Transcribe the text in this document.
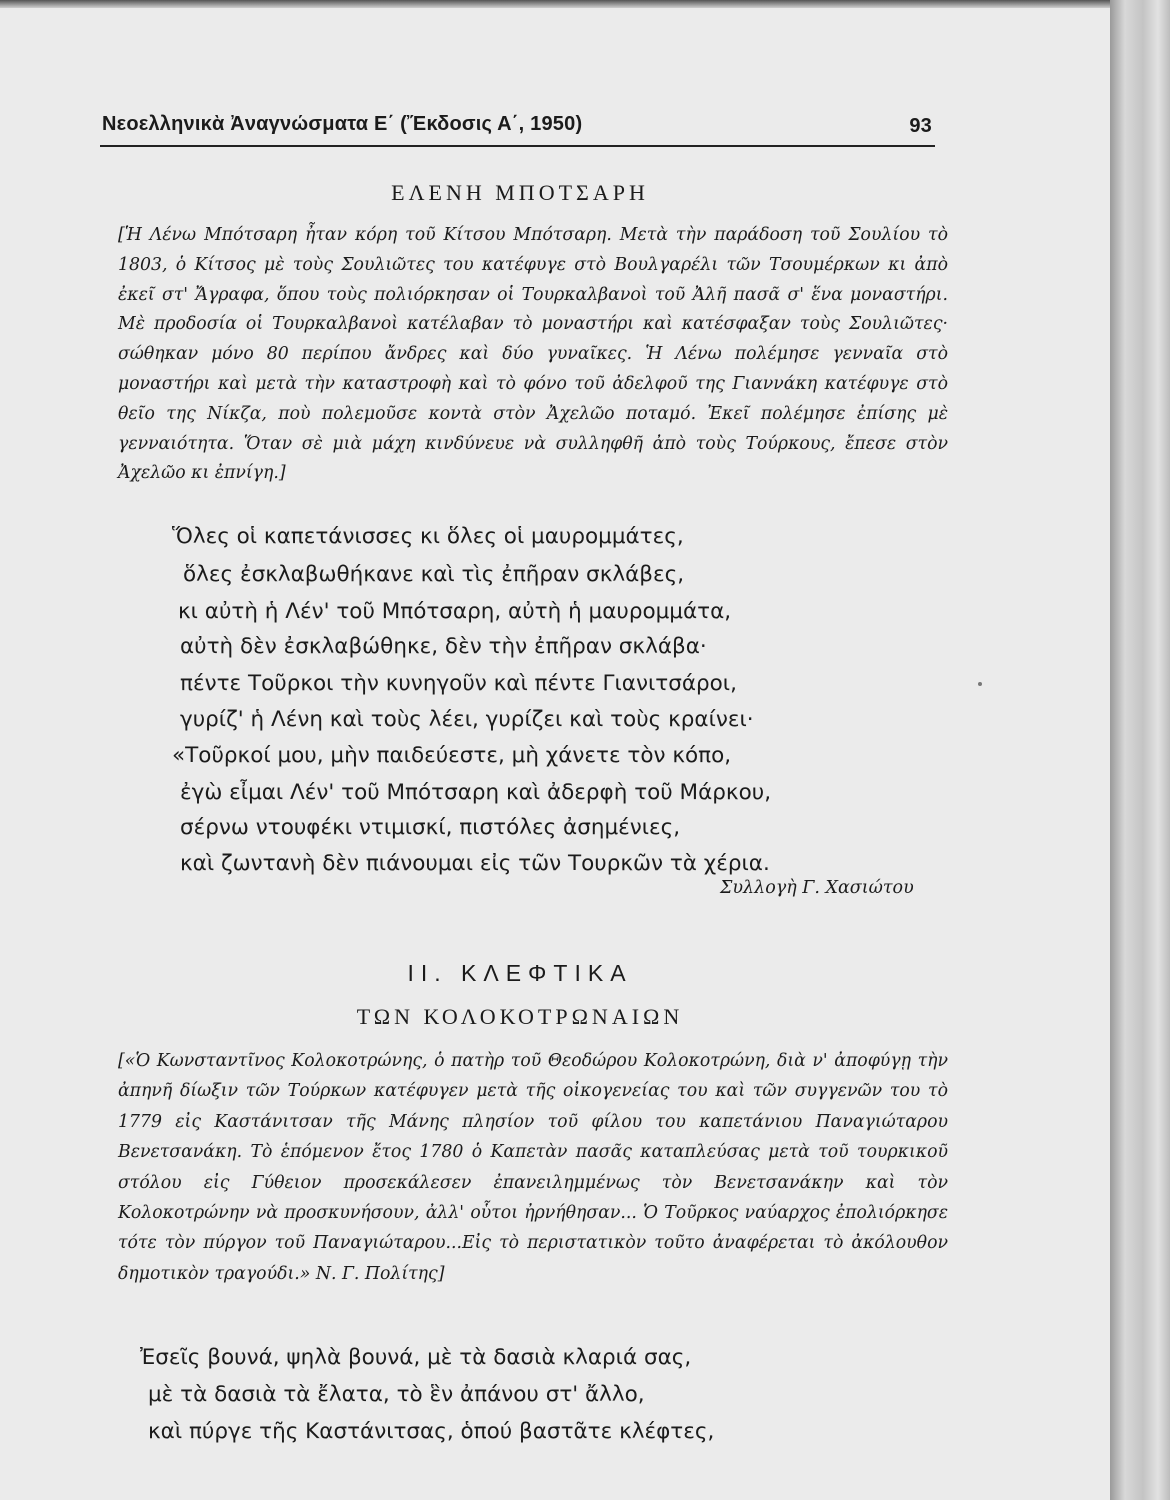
Νεοελληνικὰ Ἀναγνώσματα Ε΄ (Ἔκδοσις Α΄, 1950)	93
ΕΛΕΝΗ ΜΠΟΤΣΑΡΗ

[Ἡ Λένω Μπότσαρη ἦταν κόρη τοῦ Κίτσου Μπότσαρη. Μετὰ τὴν παράδοση τοῦ Σουλίου τὸ 1803, ὁ Κίτσος μὲ τοὺς Σουλιῶτες του κατέφυγε στὸ Βουλγαρέλι τῶν Τσουμέρκων κι ἀπὸ ἐκεῖ στ' Ἄγραφα, ὅπου τοὺς πολιόρκησαν οἱ Τουρκαλβανοὶ τοῦ Ἀλῆ πασᾶ σ' ἕνα μοναστήρι. Μὲ προδοσία οἱ Τουρκαλβανοὶ κατέλαβαν τὸ μοναστήρι καὶ κατέσφαξαν τοὺς Σουλιῶτες· σώθηκαν μόνο 80 περίπου ἄνδρες καὶ δύο γυναῖκες. Ἡ Λένω πολέμησε γενναῖα στὸ μοναστήρι καὶ μετὰ τὴν καταστροφὴ καὶ τὸ φόνο τοῦ ἀδελφοῦ της Γιαννάκη κατέφυγε στὸ θεῖο της Νίκζα, ποὺ πολεμοῦσε κοντὰ στὸν Ἀχελῶο ποταμό. Ἐκεῖ πολέμησε ἐπίσης μὲ γενναιότητα. Ὅταν σὲ μιὰ μάχη κινδύνευε νὰ συλληφθῆ ἀπὸ τοὺς Τούρκους, ἔπεσε στὸν Ἀχελῶο κι ἐπνίγη.]

Ὅλες οἱ καπετάνισσες κι ὅλες οἱ μαυρομμάτες,
ὅλες ἐσκλαβωθήκανε καὶ τὶς ἐπῆραν σκλάβες,
κι αὐτὴ ἡ Λέν' τοῦ Μπότσαρη, αὐτὴ ἡ μαυρομμάτα,
αὐτὴ δὲν ἐσκλαβώθηκε, δὲν τὴν ἐπῆραν σκλάβα·
πέντε Τοῦρκοι τὴν κυνηγοῦν καὶ πέντε Γιανιτσάροι,
γυρίζ' ἡ Λένη καὶ τοὺς λέει, γυρίζει καὶ τοὺς κραίνει·
«Τοῦρκοί μου, μὴν παιδεύεστε, μὴ χάνετε τὸν κόπο,
ἐγὼ εἶμαι Λέν' τοῦ Μπότσαρη καὶ ἀδερφὴ τοῦ Μάρκου,
σέρνω ντουφέκι ντιμισκί, πιστόλες ἀσημένιες,
καὶ ζωντανὴ δὲν πιάνουμαι εἰς τῶν Τουρκῶν τὰ χέρια.
Συλλογὴ Γ. Χασιώτου
ΙΙ. ΚΛΕΦΤΙΚΑ
ΤΩΝ ΚΟΛΟΚΟΤΡΩΝΑΙΩΝ

[«Ὁ Κωνσταντῖνος Κολοκοτρώνης, ὁ πατὴρ τοῦ Θεοδώρου Κολοκοτρώνη, διὰ ν' ἀποφύγῃ τὴν ἀπηνῆ δίωξιν τῶν Τούρκων κατέφυγεν μετὰ τῆς οἰκογενείας του καὶ τῶν συγγενῶν του τὸ 1779 εἰς Καστάνιτσαν τῆς Μάνης πλησίον τοῦ φίλου του καπετάνιου Παναγιώταρου Βενετσανάκη. Τὸ ἑπόμενον ἔτος 1780 ὁ Καπετὰν πασᾶς καταπλεύσας μετὰ τοῦ τουρκικοῦ στόλου εἰς Γύθειον προσεκάλεσεν ἐπανειλημμένως τὸν Βενετσανάκην καὶ τὸν Κολοκοτρώνην νὰ προσκυνήσουν, ἀλλ' οὗτοι ἠρνήθησαν... Ὁ Τοῦρκος ναύαρχος ἐπολιόρκησε τότε τὸν πύργον τοῦ Παναγιώταρου...Εἰς τὸ περιστατικὸν τοῦτο ἀναφέρεται τὸ ἀκόλουθον δημοτικὸν τραγούδι.» Ν. Γ. Πολίτης]

Ἐσεῖς βουνά, ψηλὰ βουνά, μὲ τὰ δασιὰ κλαριά σας,
μὲ τὰ δασιὰ τὰ ἔλατα, τὸ ἓν ἀπάνου στ' ἄλλο,
καὶ πύργε τῆς Καστάνιτσας, ὁπού βαστᾶτε κλέφτες,
